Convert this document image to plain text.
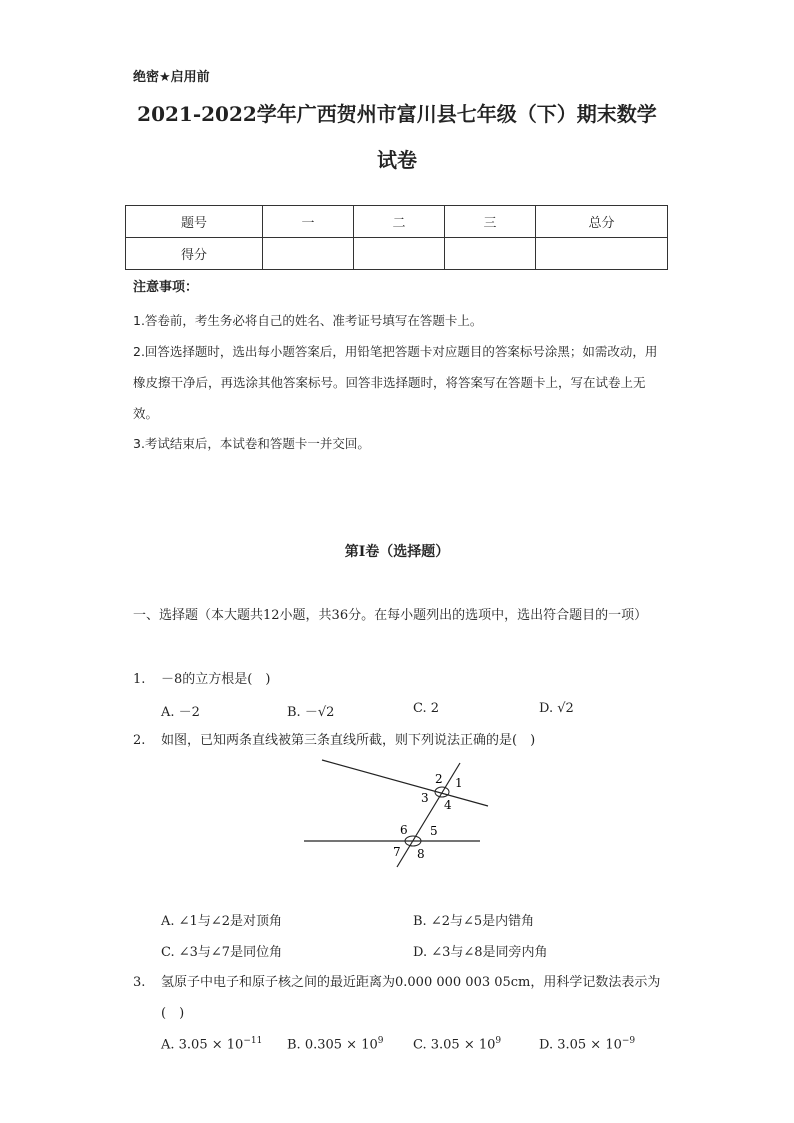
绝密★启用前
2021-2022学年广西贺州市富川县七年级（下）期末数学
试卷
题号	一	二	三	总分
得分				
注意事项：
1.答卷前，考生务必将自己的姓名、准考证号填写在答题卡上。
2.回答选择题时，选出每小题答案后，用铅笔把答题卡对应题目的答案标号涂黑；如需改动，用橡皮擦干净后，再选涂其他答案标号。回答非选择题时，将答案写在答题卡上，写在试卷上无效。
3.考试结束后，本试卷和答题卡一并交回。
第Ⅰ卷（选择题）
一、选择题（本大题共12小题，共36分。在每小题列出的选项中，选出符合题目的一项）
1. －8的立方根是(　)
A. －2	B. －√2	C. 2	D. √2
2. 如图，已知两条直线被第三条直线所截，则下列说法正确的是(　)
2 1
3 4
6 5
7 8
A. ∠1与∠2是对顶角	B. ∠2与∠5是内错角
C. ∠3与∠7是同位角	D. ∠3与∠8是同旁内角
3. 氢原子中电子和原子核之间的最近距离为0.000 000 003 05cm，用科学记数法表示为(　)
A. $3.05 \times 10^{-11}$ B. $0.305 \times 10^9$ C. $3.05 \times 10^9$	D. $3.05 \times 10^{-9}$
